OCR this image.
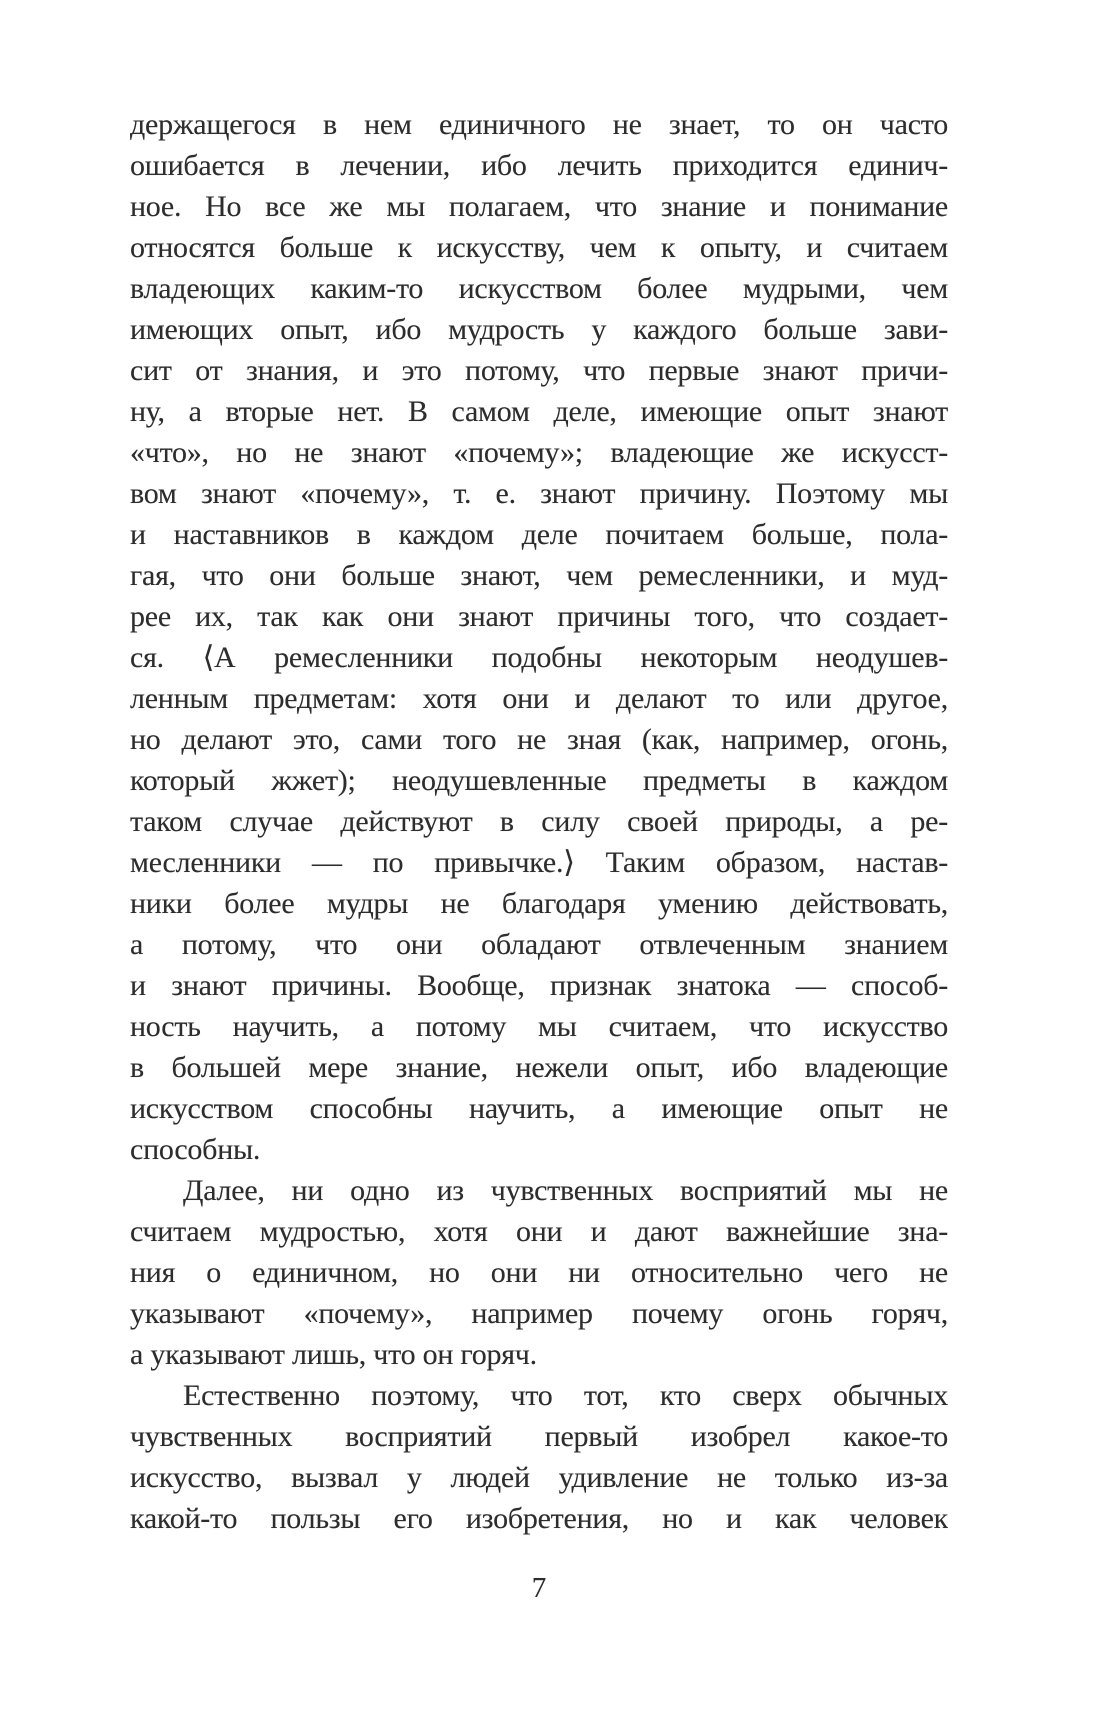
держащегося в нем единичного не знает, то он часто
ошибается в лечении, ибо лечить приходится единич-
ное. Но все же мы полагаем, что знание и понимание
относятся больше к искусству, чем к опыту, и считаем
владеющих каким-то искусством более мудрыми, чем
имеющих опыт, ибо мудрость у каждого больше зави-
сит от знания, и это потому, что первые знают причи-
ну, а вторые нет. В самом деле, имеющие опыт знают
«что», но не знают «почему»; владеющие же искусст-
вом знают «почему», т. е. знают причину. Поэтому мы
и наставников в каждом деле почитаем больше, пола-
гая, что они больше знают, чем ремесленники, и муд-
рее их, так как они знают причины того, что создает-
ся. ⟨А ремесленники подобны некоторым неодушев-
ленным предметам: хотя они и делают то или другое,
но делают это, сами того не зная (как, например, огонь,
который жжет); неодушевленные предметы в каждом
таком случае действуют в силу своей природы, а ре-
месленники — по привычке.⟩ Таким образом, настав-
ники более мудры не благодаря умению действовать,
а потому, что они обладают отвлеченным знанием
и знают причины. Вообще, признак знатока — способ-
ность научить, а потому мы считаем, что искусство
в большей мере знание, нежели опыт, ибо владеющие
искусством способны научить, а имеющие опыт не
способны.
Далее, ни одно из чувственных восприятий мы не
считаем мудростью, хотя они и дают важнейшие зна-
ния о единичном, но они ни относительно чего не
указывают «почему», например почему огонь горяч,
а указывают лишь, что он горяч.
Естественно поэтому, что тот, кто сверх обычных
чувственных восприятий первый изобрел какое-то
искусство, вызвал у людей удивление не только из-за
какой-то пользы его изобретения, но и как человек
7
